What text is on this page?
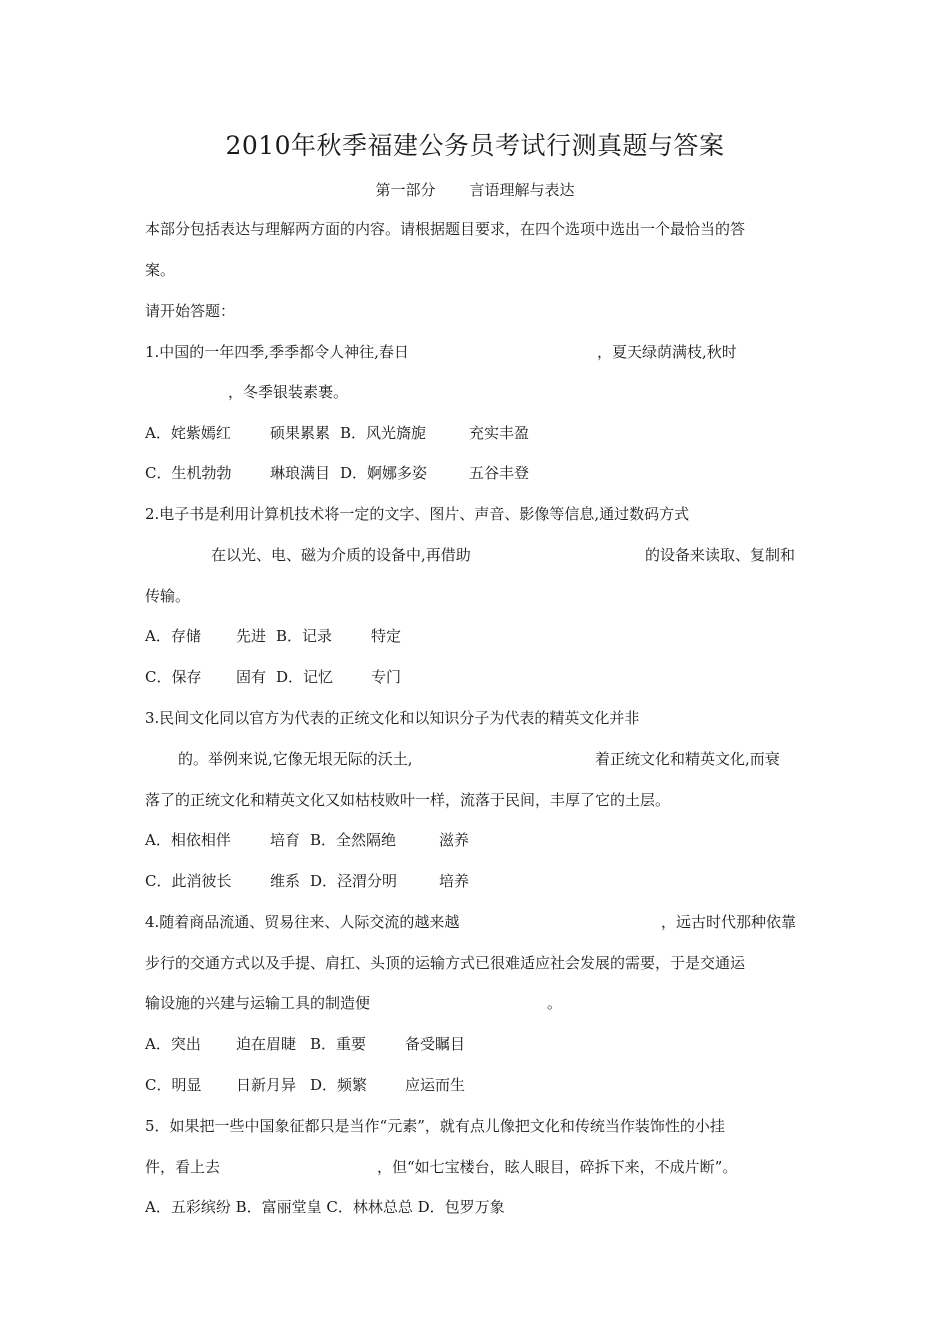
2010年秋季福建公务员考试行测真题与答案
第一部分 言语理解与表达
本部分包括表达与理解两方面的内容。请根据题目要求，在四个选项中选出一个最恰当的答
案。
请开始答题：
1.中国的一年四季,季季都令人神往,春日	，夏天绿荫满枝,秋时
，冬季银装素裹。
A．姹紫嫣红	硕果累累 B．风光旖旎	充实丰盈
C．生机勃勃	琳琅满目 D．婀娜多姿	五谷丰登
2.电子书是利用计算机技术将一定的文字、图片、声音、影像等信息,通过数码方式
在以光、电、磁为介质的设备中,再借助	的设备来读取、复制和
传输。
A．存储 先进 B．记录	特定
C．保存 固有 D．记忆	专门
3.民间文化同以官方为代表的正统文化和以知识分子为代表的精英文化并非
的。举例来说,它像无垠无际的沃土,	着正统文化和精英文化,而衰
落了的正统文化和精英文化又如枯枝败叶一样，流落于民间，丰厚了它的土层。
A．相依相伴	培育 B．全然隔绝	滋养
C．此消彼长	维系 D．泾渭分明	培养
4.随着商品流通、贸易往来、人际交流的越来越	，远古时代那种依靠
步行的交通方式以及手提、肩扛、头顶的运输方式已很难适应社会发展的需要，于是交通运
输设施的兴建与运输工具的制造便	。
A．突出 迫在眉睫 B．重要	备受瞩目
C．明显 日新月异 D．频繁	应运而生
5．如果把一些中国象征都只是当作“元素”，就有点儿像把文化和传统当作装饰性的小挂
件，看上去	，但“如七宝楼台，眩人眼目，碎拆下来，不成片断”。
A．五彩缤纷 B．富丽堂皇 C．林林总总 D．包罗万象
